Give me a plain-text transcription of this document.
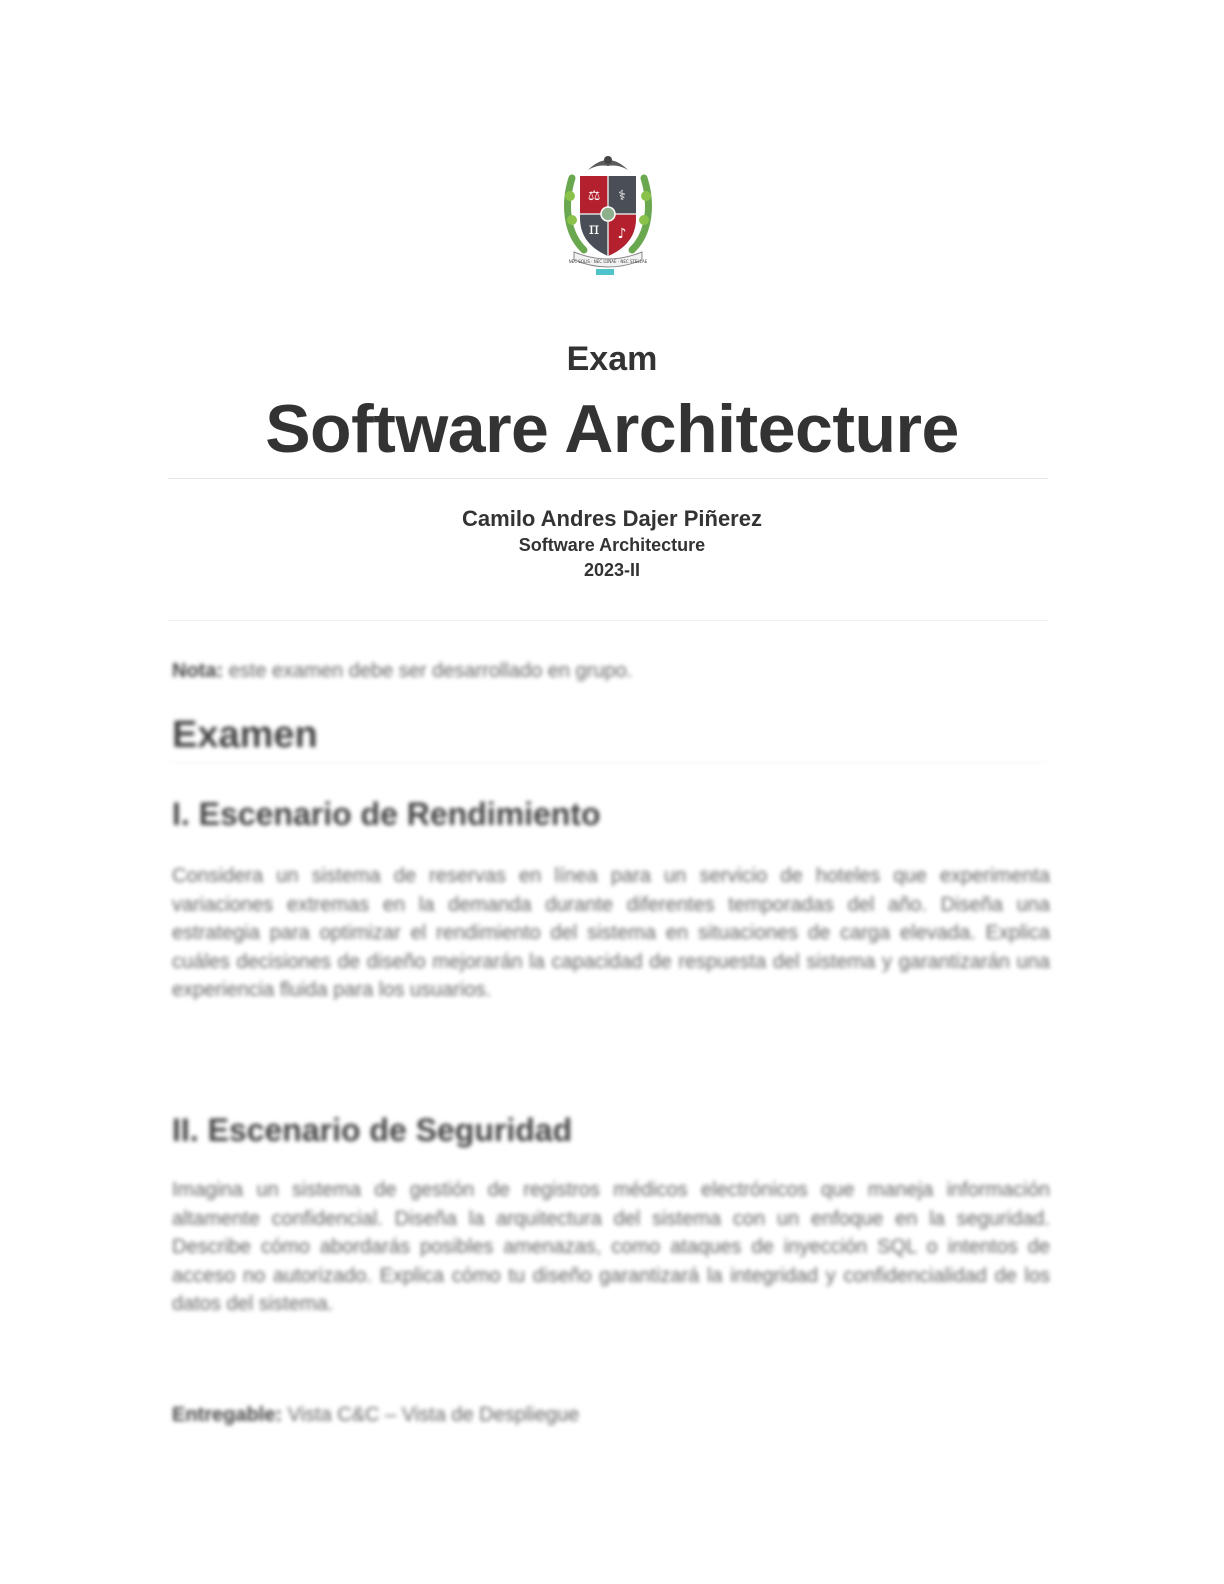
⚖ ⚕
π ♪
NEC SOLIS · NEC LUNAE · NEC STELLAE
Exam
Software Architecture
Camilo Andres Dajer Piñerez
Software Architecture
2023-II
Nota: este examen debe ser desarrollado en grupo.
Examen
I. Escenario de Rendimiento
Considera un sistema de reservas en línea para un servicio de hoteles que experimenta variaciones extremas en la demanda durante diferentes temporadas del año. Diseña una estrategia para optimizar el rendimiento del sistema en situaciones de carga elevada. Explica cuáles decisiones de diseño mejorarán la capacidad de respuesta del sistema y garantizarán una experiencia fluida para los usuarios.
II. Escenario de Seguridad
Imagina un sistema de gestión de registros médicos electrónicos que maneja información altamente confidencial. Diseña la arquitectura del sistema con un enfoque en la seguridad. Describe cómo abordarás posibles amenazas, como ataques de inyección SQL o intentos de acceso no autorizado. Explica cómo tu diseño garantizará la integridad y confidencialidad de los datos del sistema.
Entregable: Vista C&C – Vista de Despliegue
